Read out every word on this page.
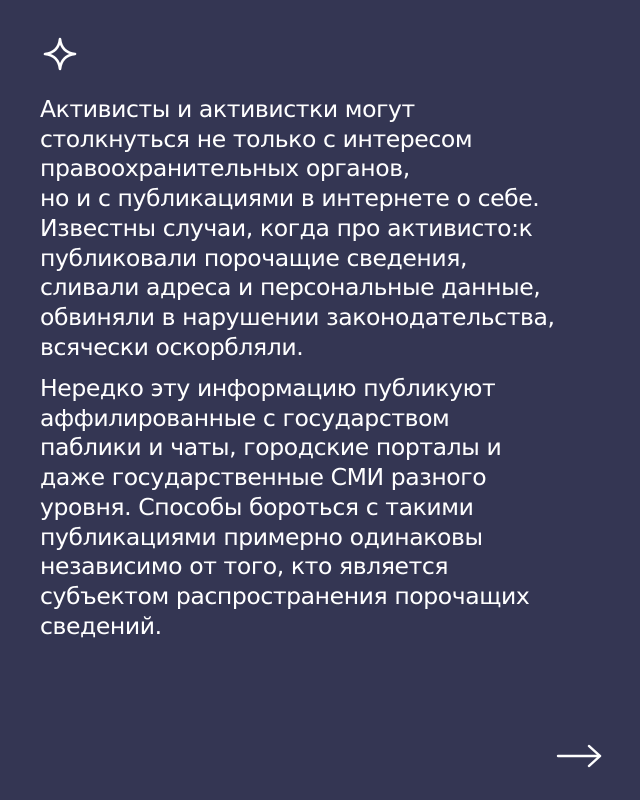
Активисты и активистки могут
столкнуться не только с интересом
правоохранительных органов,
но и с публикациями в интернете о себе.
Известны случаи, когда про активисто:к
публиковали порочащие сведения,
сливали адреса и персональные данные,
обвиняли в нарушении законодательства,
всячески оскорбляли.
Нередко эту информацию публикуют
аффилированные с государством
паблики и чаты, городские порталы и
даже государственные СМИ разного
уровня. Способы бороться с такими
публикациями примерно одинаковы
независимо от того, кто является
субъектом распространения порочащих
сведений.
